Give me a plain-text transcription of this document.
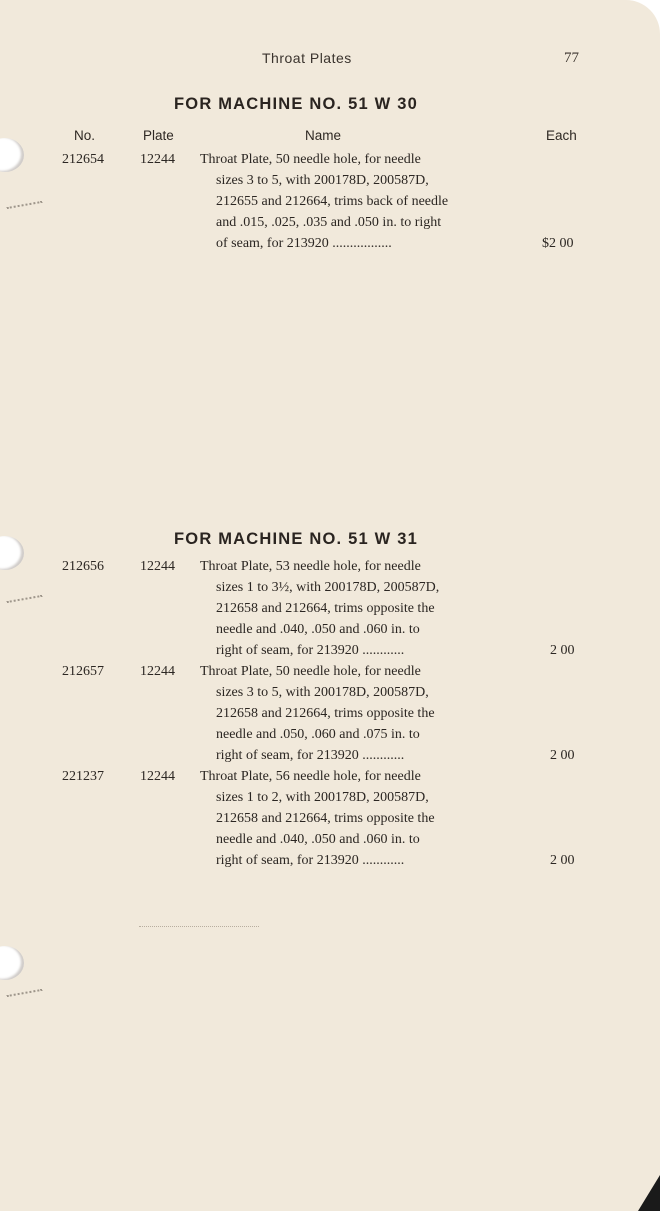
Throat Plates	77
FOR MACHINE NO. 51 W 30
No.	Plate	Name	Each
212654	12244 Throat Plate, 50 needle hole, for needle
sizes 3 to 5, with 200178D, 200587D,
212655 and 212664, trims back of needle
and .015, .025, .035 and .050 in. to right
of seam, for 213920 .................	$2 00
FOR MACHINE NO. 51 W 31
212656	12244 Throat Plate, 53 needle hole, for needle
sizes 1 to 3½, with 200178D, 200587D,
212658 and 212664, trims opposite the
needle and .040, .050 and .060 in. to
right of seam, for 213920 ............	2 00
212657	12244 Throat Plate, 50 needle hole, for needle
sizes 3 to 5, with 200178D, 200587D,
212658 and 212664, trims opposite the
needle and .050, .060 and .075 in. to
right of seam, for 213920 ............	2 00
221237	12244 Throat Plate, 56 needle hole, for needle
sizes 1 to 2, with 200178D, 200587D,
212658 and 212664, trims opposite the
needle and .040, .050 and .060 in. to
right of seam, for 213920 ............	2 00
